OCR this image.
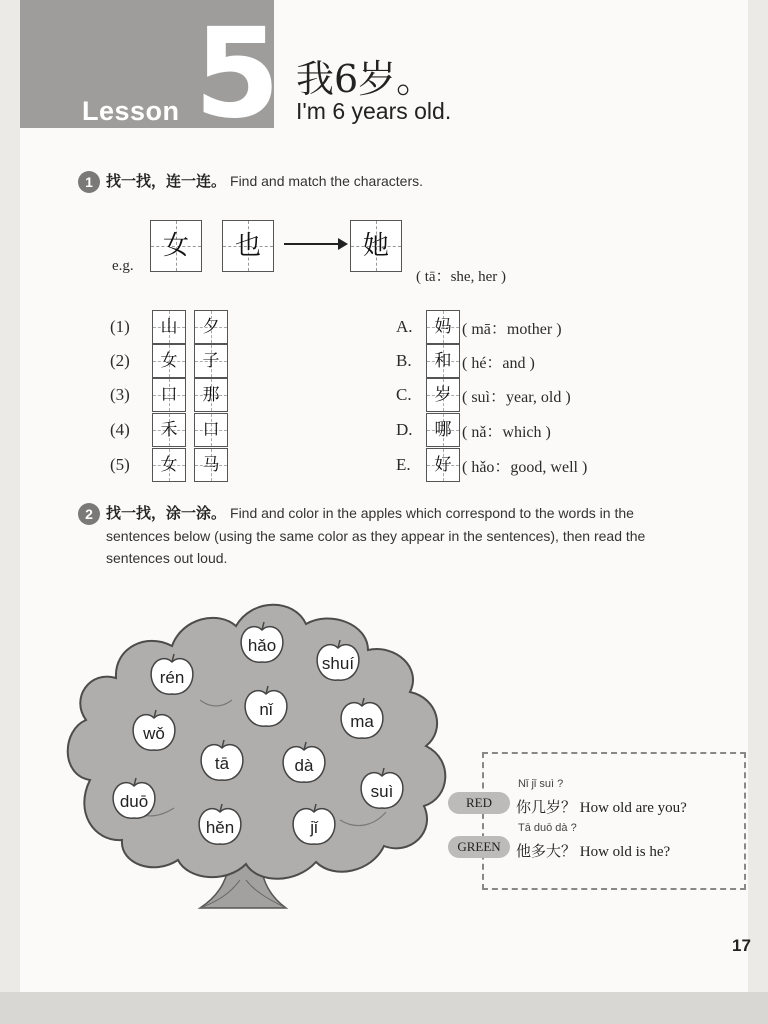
Lesson 5 我6岁。
I'm 6 years old.
1 找一找，连一连。 Find and match the characters.
e.g.
女	也	她
( tā：she, her )
(1) 山 夕
(2) 女 子
(3) 口 那
(4) 禾 口
(5) 女 马
A. 妈 ( mā：mother )
B. 和 ( hé：and )
C. 岁 ( suì：year, old )
D. 哪 ( nǎ：which )
E. 好 ( hǎo：good, well )
2 找一找，涂一涂。 Find and color in the apples which correspond to the words in the
sentences below (using the same color as they appear in the sentences), then read the
sentences out loud.
hǎo
rén
shuí
nǐ
wǒ
ma
tā	dà
suì
duō
hěn	jǐ
Nǐ jǐ suì ?
RED	你几岁？ How old are you?
Tā duō dà ?
GREEN	他多大？ How old is he?
17
